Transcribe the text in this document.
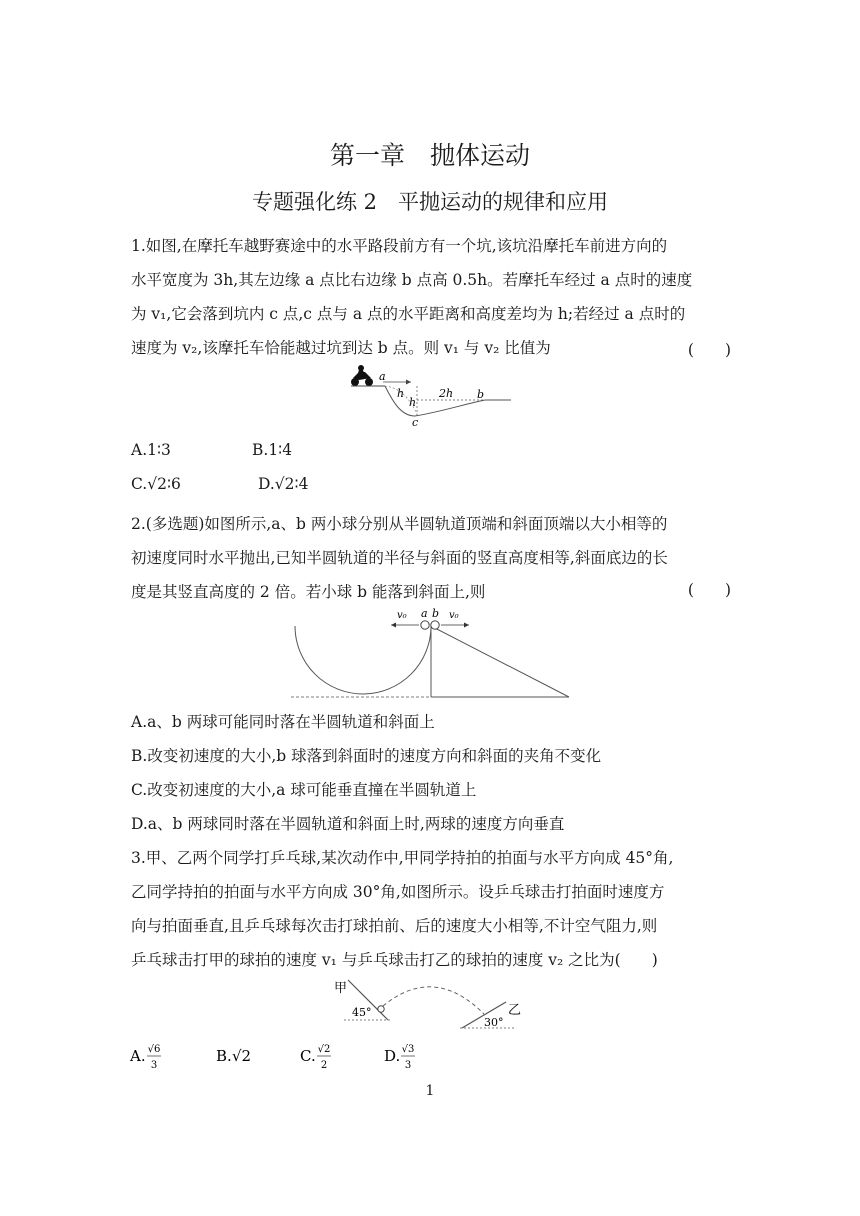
第一章　抛体运动
专题强化练 2　平抛运动的规律和应用
1.如图,在摩托车越野赛途中的水平路段前方有一个坑,该坑沿摩托车前进方向的
水平宽度为 3h,其左边缘 a 点比右边缘 b 点高 0.5h。若摩托车经过 a 点时的速度
为 v₁,它会落到坑内 c 点,c 点与 a 点的水平距离和高度差均为 h;若经过 a 点时的
速度为 v₂,该摩托车恰能越过坑到达 b 点。则 v₁ 与 v₂ 比值为	(　　)
a
h
h
2h b
c
A.1∶3	B.1∶4
C.√2∶6	D.√2∶4
2.(多选题)如图所示,a、b 两小球分别从半圆轨道顶端和斜面顶端以大小相等的
初速度同时水平抛出,已知半圆轨道的半径与斜面的竖直高度相等,斜面底边的长
度是其竖直高度的 2 倍。若小球 b 能落到斜面上,则	(　　)
v₀ a b v₀
A.a、b 两球可能同时落在半圆轨道和斜面上
B.改变初速度的大小,b 球落到斜面时的速度方向和斜面的夹角不变化
C.改变初速度的大小,a 球可能垂直撞在半圆轨道上
D.a、b 两球同时落在半圆轨道和斜面上时,两球的速度方向垂直
3.甲、乙两个同学打乒乓球,某次动作中,甲同学持拍的拍面与水平方向成 45°角,
乙同学持拍的拍面与水平方向成 30°角,如图所示。设乒乓球击打拍面时速度方
向与拍面垂直,且乒乓球每次击打球拍前、后的速度大小相等,不计空气阻力,则
乒乓球击打甲的球拍的速度 v₁ 与乒乓球击打乙的球拍的速度 v₂ 之比为(　　)
甲
45°
30°
乙
A. √6
3
B. √2	C. √2
2
D. √3
3
1
